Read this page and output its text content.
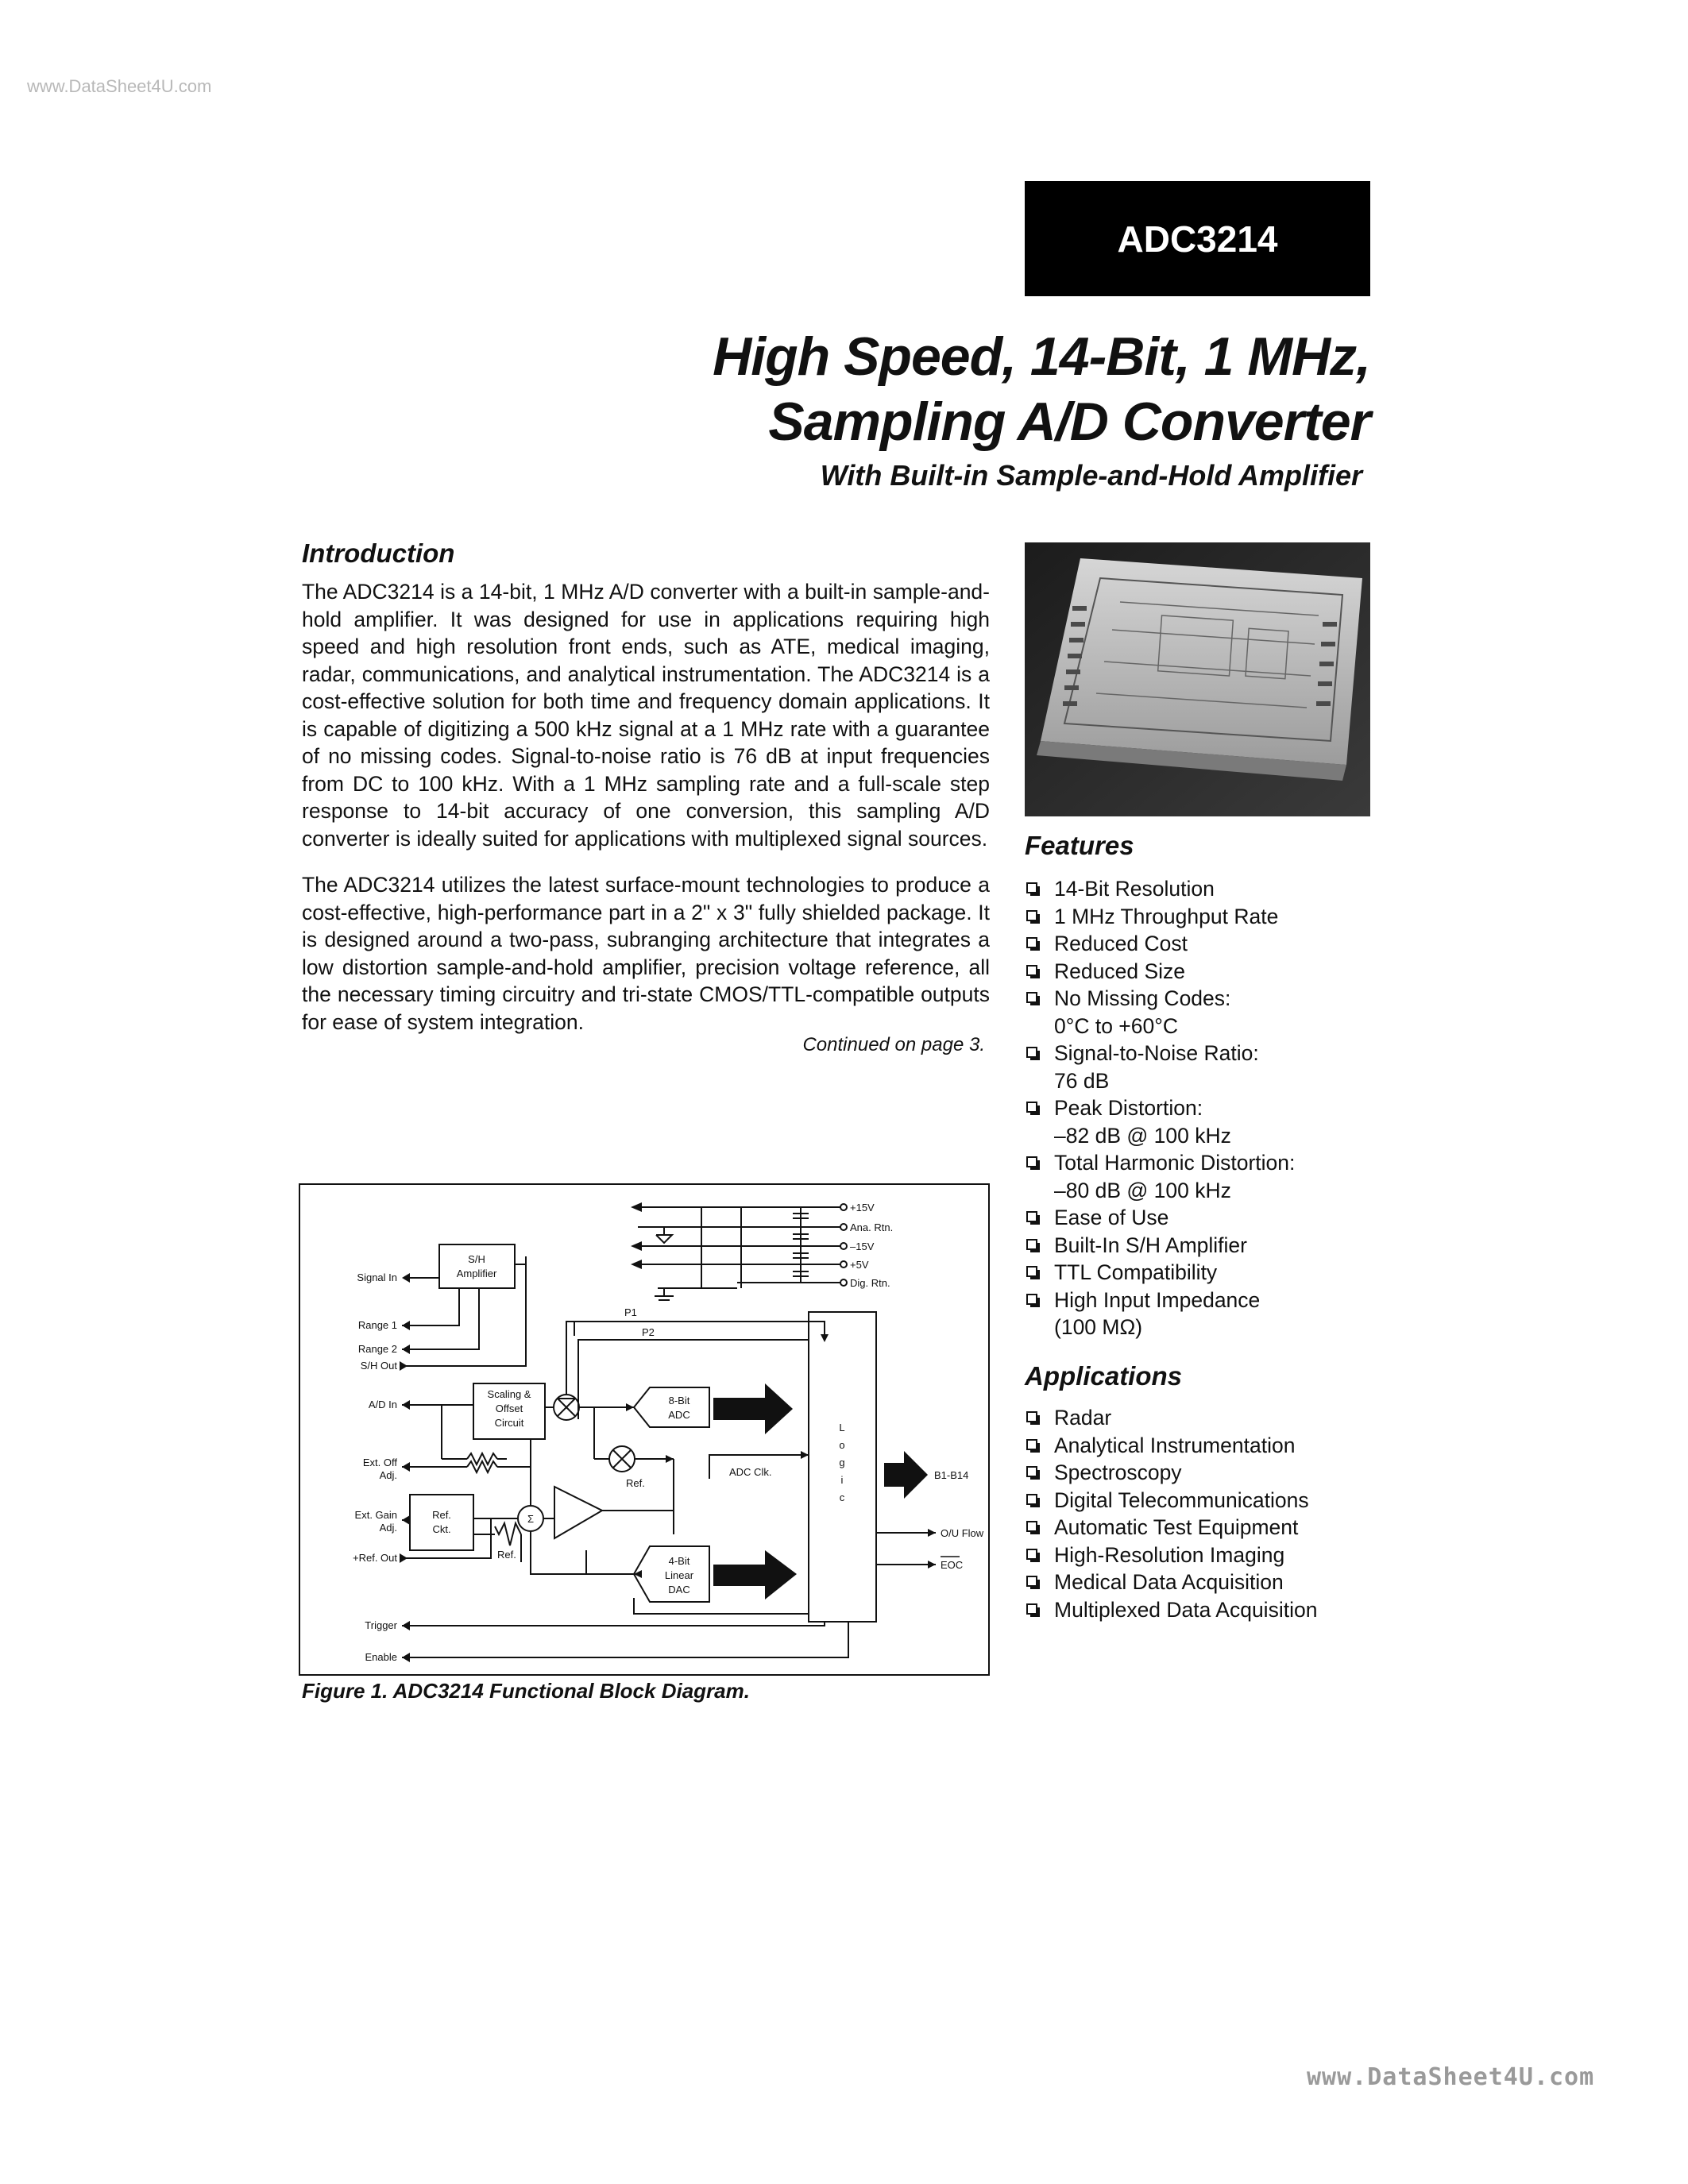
www.DataSheet4U.com
ADC3214
High Speed, 14-Bit, 1 MHz,
Sampling A/D Converter
With Built-in Sample-and-Hold Amplifier
Introduction

The ADC3214 is a 14-bit, 1 MHz A/D converter with a built-in sample-and-hold amplifier. It was designed for use in applications requiring high speed and high resolution front ends, such as ATE, medical imaging, radar, communications, and analytical instrumentation. The ADC3214 is a cost-effective solution for both time and frequency domain applications. It is capable of digitizing a 500 kHz signal at a 1 MHz rate with a guarantee of no missing codes. Signal-to-noise ratio is 76 dB at input frequencies from DC to 100 kHz. With a 1 MHz sampling rate and a full-scale step response to 14-bit accuracy of one conversion, this sampling A/D converter is ideally suited for applications with multiplexed signal sources.

The ADC3214 utilizes the latest surface-mount technologies to produce a cost-effective, high-performance part in a 2" x 3" fully shielded package. It is designed around a two-pass, subranging architecture that integrates a low distortion sample-and-hold amplifier, precision voltage reference, all the necessary timing circuitry and tri-state CMOS/TTL-compatible outputs for ease of system integration.

Continued on page 3.
Features
14-Bit Resolution
1 MHz Throughput Rate
Reduced Cost
Reduced Size
No Missing Codes:
0°C to +60°C
Signal-to-Noise Ratio:
76 dB
Peak Distortion:
–82 dB @ 100 kHz
Total Harmonic Distortion:
–80 dB @ 100 kHz
Ease of Use
Built-In S/H Amplifier
TTL Compatibility
High Input Impedance
(100 MΩ)
Applications
Radar
Analytical Instrumentation
Spectroscopy
Digital Telecommunications
Automatic Test Equipment
High-Resolution Imaging
Medical Data Acquisition
Multiplexed Data Acquisition
+15V
Ana. Rtn.
–15V
+5V
Dig. Rtn.
Signal In
Range 1
Range 2
S/H Out
A/D In
Ext. Off
Adj.
Ext. Gain
Adj.
+Ref. Out
Trigger
Enable
S/H
Amplifier
Scaling &
Offset
Circuit
8-Bit
ADC
4-Bit
Linear
DAC
Ref.
Ckt.
Σ
L
o
g
i
c
P1
P2
ADC Clk.
Ref.
Ref.
B1-B14
O/U Flow
EOC
Figure 1. ADC3214 Functional Block Diagram.
www.DataSheet4U.com
